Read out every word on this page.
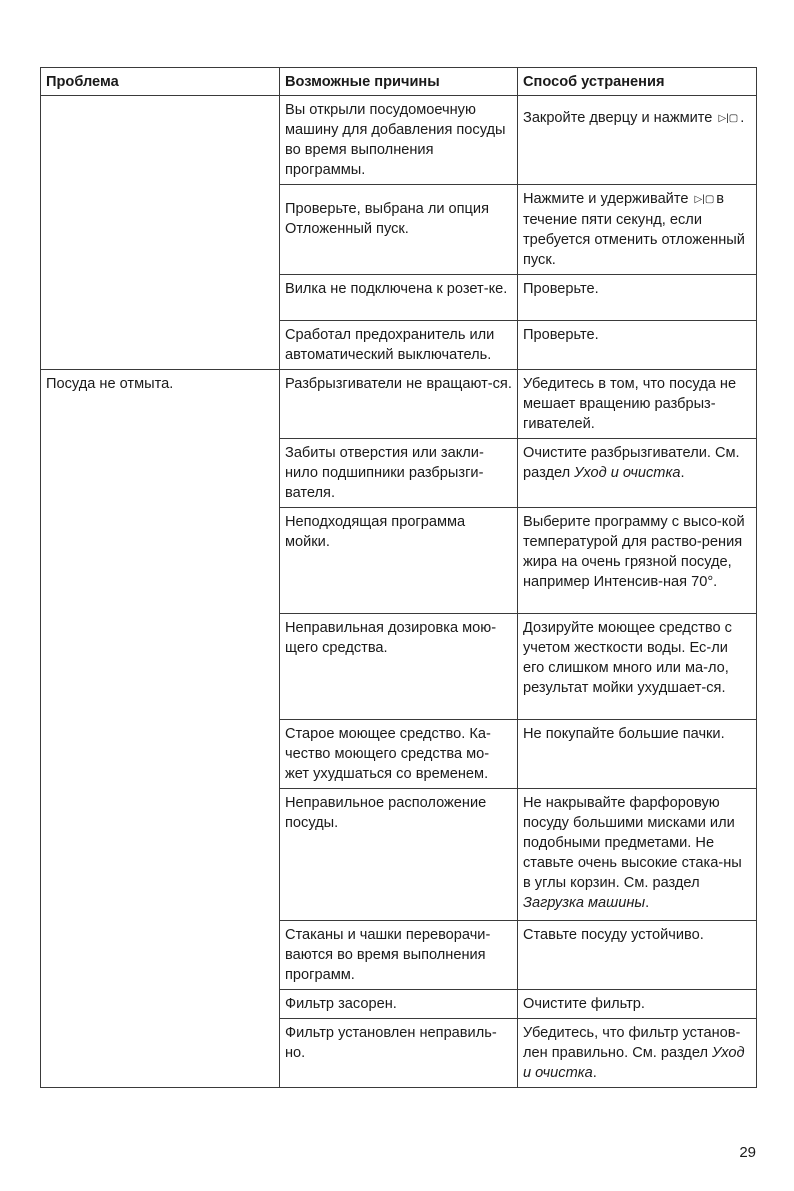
Проблема	Возможные причины	Способ устранения
	Вы открыли посудомоечную машину для добавления посуды во время выполнения программы.	Закройте дверцу и нажмите ▷|▢ .
	Проверьте, выбрана ли опция Отложенный пуск.	Нажмите и удерживайте ▷|▢ в течение пяти секунд, если требуется отменить отложенный пуск.
	Вилка не подключена к розет-ке.	Проверьте.
	Сработал предохранитель или автоматический выключатель.	Проверьте.
Посуда не отмыта.	Разбрызгиватели не вращают-ся.	Убедитесь в том, что посуда не мешает вращению разбрыз-гивателей.
	Забиты отверстия или закли-нило подшипники разбрызги-вателя.	Очистите разбрызгиватели. См. раздел Уход и очистка.
	Неподходящая программа мойки.	Выберите программу с высо-кой температурой для раство-рения жира на очень грязной посуде, например Интенсив-ная 70°.
	Неправильная дозировка мою-щего средства.	Дозируйте моющее средство с учетом жесткости воды. Ес-ли его слишком много или ма-ло, результат мойки ухудшает-ся.
	Старое моющее средство. Ка-чество моющего средства мо-жет ухудшаться со временем.	Не покупайте большие пачки.
	Неправильное расположение посуды.	Не накрывайте фарфоровую посуду большими мисками или подобными предметами. Не ставьте очень высокие стака-ны в углы корзин. См. раздел Загрузка машины.
	Стаканы и чашки переворачи-ваются во время выполнения программ.	Ставьте посуду устойчиво.
	Фильтр засорен.	Очистите фильтр.
	Фильтр установлен неправиль-но.	Убедитесь, что фильтр установ-лен правильно. См. раздел Уход и очистка.
29
